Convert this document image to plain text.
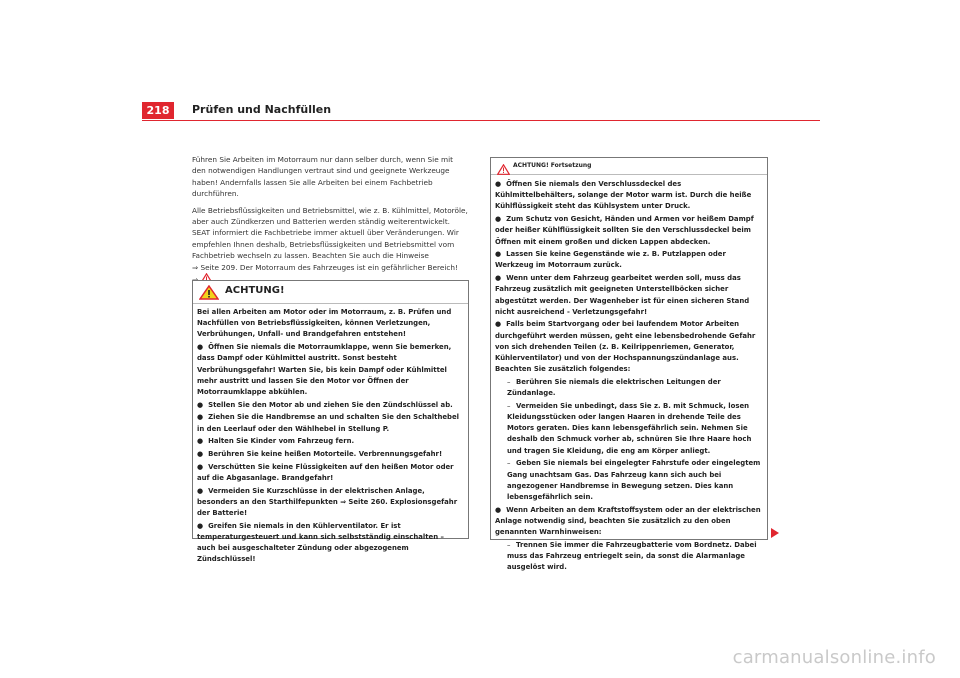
218	Prüfen und Nachfüllen

Führen Sie Arbeiten im Motorraum nur dann selber durch, wenn Sie mit den notwendigen Handlungen vertraut sind und geeignete Werkzeuge haben! Andernfalls lassen Sie alle Arbeiten bei einem Fachbetrieb durchführen.

Alle Betriebsflüssigkeiten und Betriebsmittel, wie z. B. Kühlmittel, Motoröle, aber auch Zündkerzen und Batterien werden ständig weiterentwickelt. SEAT informiert die Fachbetriebe immer aktuell über Veränderungen. Wir empfehlen Ihnen deshalb, Betriebsflüssigkeiten und Betriebsmittel vom Fachbetrieb wechseln zu lassen. Beachten Sie auch die Hinweise
⇒ Seite 209. Der Motorraum des Fahrzeuges ist ein gefährlicher Bereich!

ACHTUNG!

Bei allen Arbeiten am Motor oder im Motorraum, z. B. Prüfen und Nachfüllen von Betriebsflüssigkeiten, können Verletzungen, Verbrühungen, Unfall- und Brandgefahren entstehen!

● Öffnen Sie niemals die Motorraumklappe, wenn Sie bemerken, dass Dampf oder Kühlmittel austritt. Sonst besteht Verbrühungsgefahr! Warten Sie, bis kein Dampf oder Kühlmittel mehr austritt und lassen Sie den Motor vor Öffnen der Motorraumklappe abkühlen.

● Stellen Sie den Motor ab und ziehen Sie den Zündschlüssel ab.

● Ziehen Sie die Handbremse an und schalten Sie den Schalthebel in den Leerlauf oder den Wählhebel in Stellung P.

● Halten Sie Kinder vom Fahrzeug fern.

● Berühren Sie keine heißen Motorteile. Verbrennungsgefahr!

● Verschütten Sie keine Flüssigkeiten auf den heißen Motor oder auf die Abgasanlage. Brandgefahr!

● Vermeiden Sie Kurzschlüsse in der elektrischen Anlage, besonders an den Starthilfepunkten ⇒ Seite 260. Explosionsgefahr der Batterie!

● Greifen Sie niemals in den Kühlerventilator. Er ist temperaturgesteuert und kann sich selbstständig einschalten – auch bei ausgeschalteter Zündung oder abgezogenem Zündschlüssel!

ACHTUNG! Fortsetzung

● Öffnen Sie niemals den Verschlussdeckel des Kühlmittelbehälters, solange der Motor warm ist. Durch die heiße Kühlflüssigkeit steht das Kühlsystem unter Druck.

● Zum Schutz von Gesicht, Händen und Armen vor heißem Dampf oder heißer Kühlflüssigkeit sollten Sie den Verschlussdeckel beim Öffnen mit einem großen und dicken Lappen abdecken.

● Lassen Sie keine Gegenstände wie z. B. Putzlappen oder Werkzeug im Motorraum zurück.

● Wenn unter dem Fahrzeug gearbeitet werden soll, muss das Fahrzeug zusätzlich mit geeigneten Unterstellböcken sicher abgestützt werden. Der Wagenheber ist für einen sicheren Stand nicht ausreichend - Verletzungsgefahr!

● Falls beim Startvorgang oder bei laufendem Motor Arbeiten durchgeführt werden müssen, geht eine lebensbedrohende Gefahr von sich drehenden Teilen (z. B. Keilrippenriemen, Generator, Kühlerventilator) und von der Hochspannungszündanlage aus. Beachten Sie zusätzlich folgendes:

– Berühren Sie niemals die elektrischen Leitungen der Zündanlage.

– Vermeiden Sie unbedingt, dass Sie z. B. mit Schmuck, losen Kleidungsstücken oder langen Haaren in drehende Teile des Motors geraten. Dies kann lebensgefährlich sein. Nehmen Sie deshalb den Schmuck vorher ab, schnüren Sie Ihre Haare hoch und tragen Sie Kleidung, die eng am Körper anliegt.

– Geben Sie niemals bei eingelegter Fahrstufe oder eingelegtem Gang unachtsam Gas. Das Fahrzeug kann sich auch bei angezogener Handbremse in Bewegung setzen. Dies kann lebensgefährlich sein.

● Wenn Arbeiten an dem Kraftstoffsystem oder an der elektrischen Anlage notwendig sind, beachten Sie zusätzlich zu den oben genannten Warnhinweisen:

– Trennen Sie immer die Fahrzeugbatterie vom Bordnetz. Dabei muss das Fahrzeug entriegelt sein, da sonst die Alarmanlage ausgelöst wird.

carmanualsonline.info
